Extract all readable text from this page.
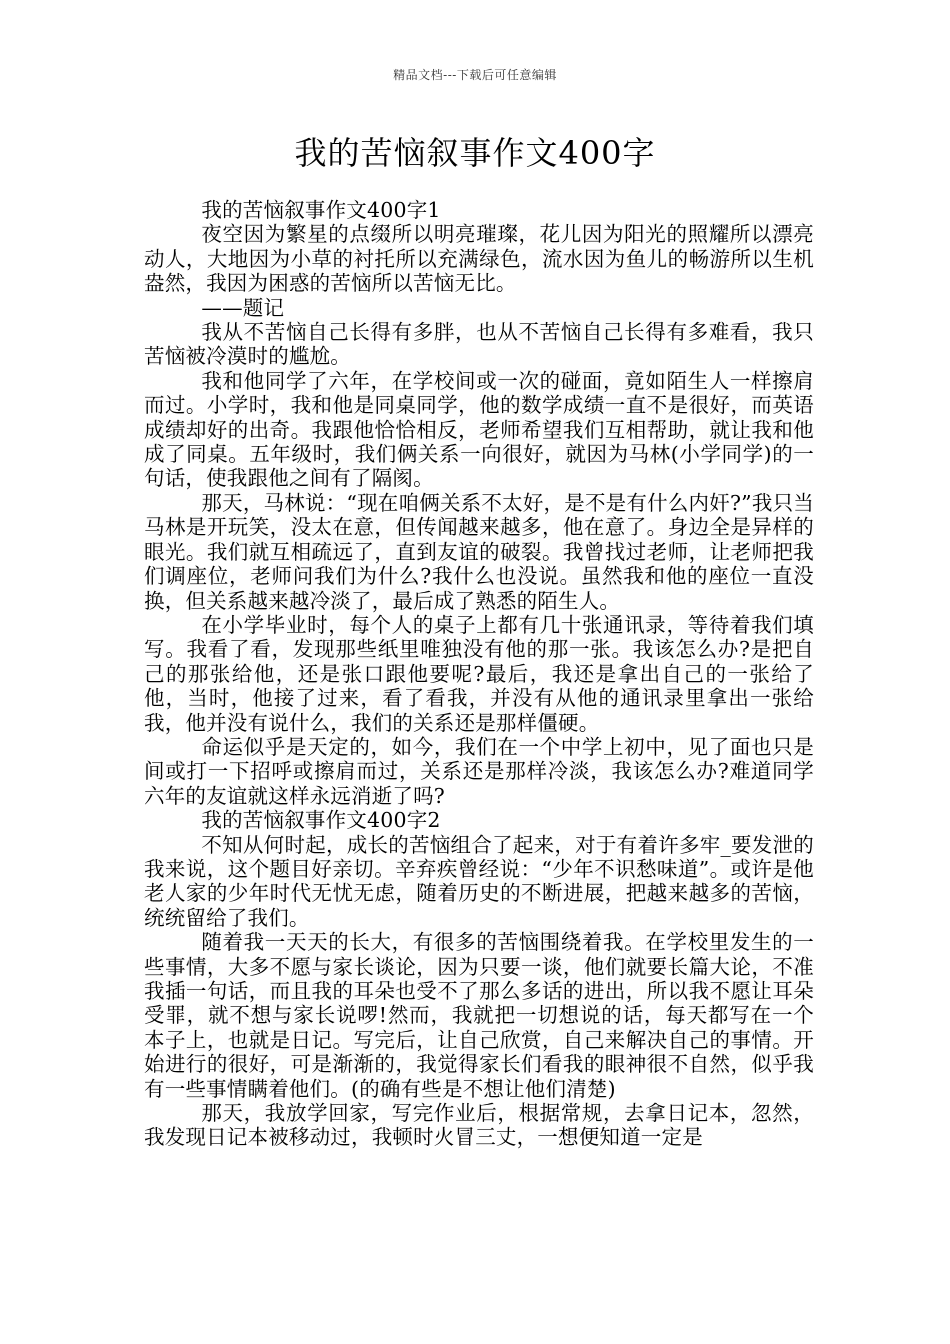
精品文档---下载后可任意编辑
我的苦恼叙事作文400字

我的苦恼叙事作文400字1

夜空因为繁星的点缀所以明亮璀璨，花儿因为阳光的照耀所以漂亮动人，大地因为小草的衬托所以充满绿色，流水因为鱼儿的畅游所以生机盎然，我因为困惑的苦恼所以苦恼无比。

——题记

我从不苦恼自己长得有多胖，也从不苦恼自己长得有多难看，我只苦恼被冷漠时的尴尬。

我和他同学了六年，在学校间或一次的碰面，竟如陌生人一样擦肩而过。小学时，我和他是同桌同学，他的数学成绩一直不是很好，而英语成绩却好的出奇。我跟他恰恰相反，老师希望我们互相帮助，就让我和他成了同桌。五年级时，我们俩关系一向很好，就因为马林(小学同学)的一句话，使我跟他之间有了隔阂。

那天，马林说：“现在咱俩关系不太好，是不是有什么内奸?”我只当马林是开玩笑，没太在意，但传闻越来越多，他在意了。身边全是异样的眼光。我们就互相疏远了，直到友谊的破裂。我曾找过老师，让老师把我们调座位，老师问我们为什么?我什么也没说。虽然我和他的座位一直没换，但关系越来越冷淡了，最后成了熟悉的陌生人。

在小学毕业时，每个人的桌子上都有几十张通讯录，等待着我们填写。我看了看，发现那些纸里唯独没有他的那一张。我该怎么办?是把自己的那张给他，还是张口跟他要呢?最后，我还是拿出自己的一张给了他，当时，他接了过来，看了看我，并没有从他的通讯录里拿出一张给我，他并没有说什么，我们的关系还是那样僵硬。

命运似乎是天定的，如今，我们在一个中学上初中，见了面也只是间或打一下招呼或擦肩而过，关系还是那样冷淡，我该怎么办?难道同学六年的友谊就这样永远消逝了吗?

我的苦恼叙事作文400字2

不知从何时起，成长的苦恼组合了起来，对于有着许多牢_要发泄的我来说，这个题目好亲切。辛弃疾曾经说：“少年不识愁味道”。或许是他老人家的少年时代无忧无虑，随着历史的不断进展，把越来越多的苦恼，统统留给了我们。

随着我一天天的长大，有很多的苦恼围绕着我。在学校里发生的一些事情，大多不愿与家长谈论，因为只要一谈，他们就要长篇大论，不准我插一句话，而且我的耳朵也受不了那么多话的进出，所以我不愿让耳朵受罪，就不想与家长说啰!然而，我就把一切想说的话，每天都写在一个本子上，也就是日记。写完后，让自己欣赏，自己来解决自己的事情。开始进行的很好，可是渐渐的，我觉得家长们看我的眼神很不自然，似乎我有一些事情瞒着他们。(的确有些是不想让他们清楚)

那天，我放学回家，写完作业后，根据常规，去拿日记本，忽然，我发现日记本被移动过，我顿时火冒三丈，一想便知道一定是
